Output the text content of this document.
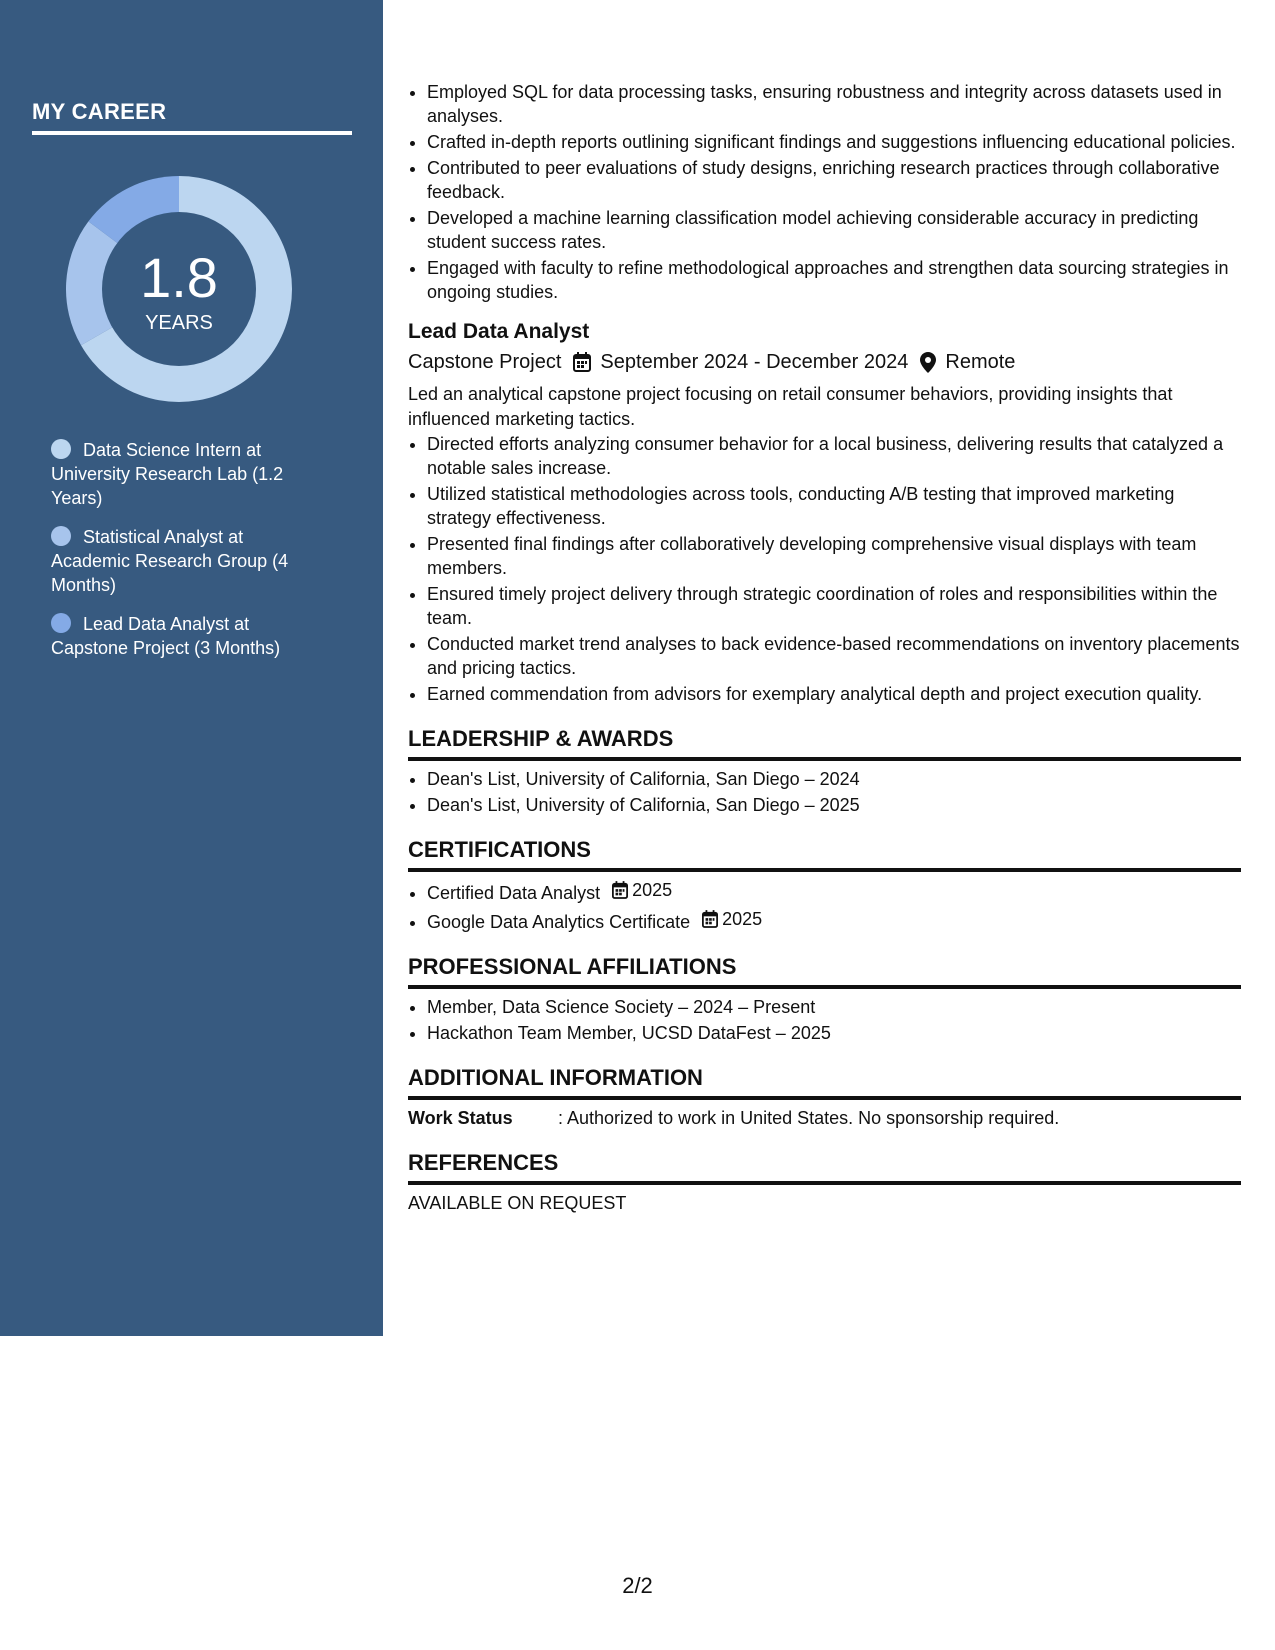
MY CAREER
1.8
YEARS
Data Science Intern at University Research Lab (1.2 Years)
Statistical Analyst at Academic Research Group (4 Months)
Lead Data Analyst at Capstone Project (3 Months)
• Employed SQL for data processing tasks, ensuring robustness and integrity across datasets used in analyses.
• Crafted in-depth reports outlining significant findings and suggestions influencing educational policies.
• Contributed to peer evaluations of study designs, enriching research practices through collaborative feedback.
• Developed a machine learning classification model achieving considerable accuracy in predicting student success rates.
• Engaged with faculty to refine methodological approaches and strengthen data sourcing strategies in ongoing studies.
Lead Data Analyst
Capstone Project September 2024 - December 2024 Remote
Led an analytical capstone project focusing on retail consumer behaviors, providing insights that influenced marketing tactics.
• Directed efforts analyzing consumer behavior for a local business, delivering results that catalyzed a notable sales increase.
• Utilized statistical methodologies across tools, conducting A/B testing that improved marketing strategy effectiveness.
• Presented final findings after collaboratively developing comprehensive visual displays with team members.
• Ensured timely project delivery through strategic coordination of roles and responsibilities within the team.
• Conducted market trend analyses to back evidence-based recommendations on inventory placements and pricing tactics.
• Earned commendation from advisors for exemplary analytical depth and project execution quality.
LEADERSHIP & AWARDS
• Dean's List, University of California, San Diego – 2024
• Dean's List, University of California, San Diego – 2025
CERTIFICATIONS
• Certified Data Analyst 2025
• Google Data Analytics Certificate 2025
PROFESSIONAL AFFILIATIONS
• Member, Data Science Society – 2024 – Present
• Hackathon Team Member, UCSD DataFest – 2025
ADDITIONAL INFORMATION
Work Status	: Authorized to work in United States. No sponsorship required.
REFERENCES
AVAILABLE ON REQUEST
2/2
